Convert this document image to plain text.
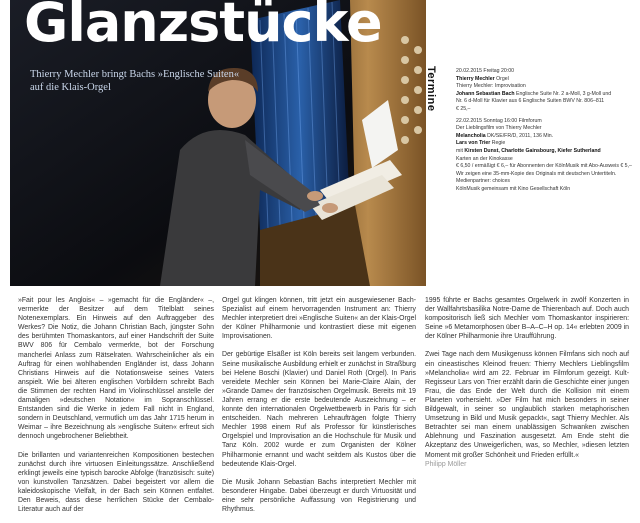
Glanzstücke
Thierry Mechler bringt Bachs »Englische Suiten« auf die Klais-Orgel	Termine	20.02.2015 Freitag 20:00
Thierry Mechler Orgel
Thierry Mechler: Improvisation
Johann Sebastian Bach Englische Suite Nr. 2 a-Moll, 3 g-Moll und
Nr. 6 d-Moll für Klavier aus 6 Englische Suiten BWV Nr. 806–811
€ 25,–
22.02.2015 Sonntag 16:00 Filmforum
Der Lieblingsfilm von Thierry Mechler
Melancholia DK/SE/FR/D, 2011, 136 Min.
Lars von Trier Regie
mit Kirsten Dunst, Charlotte Gainsbourg, Kiefer Sutherland
Karten an der Kinokasse
€ 6,50 / ermäßigt € 6,– für Abonnenten der KölnMusik mit Abo-Ausweis € 5,–
Wir zeigen eine 35-mm-Kopie des Originals mit deutschen Untertiteln.
Medienpartner: choices
KölnMusik gemeinsam mit Kino Gesellschaft Köln

»Fait pour les Anglois« – »gemacht für die Engländer« –, vermerkte der Besitzer auf dem Titelblatt seines Notenexemplars. Ein Hinweis auf den Auftraggeber des Werkes? Die Notiz, die Johann Christian Bach, jüngster Sohn des berühmten Thomaskantors, auf einer Handschrift der Suite BWV 806 für Cembalo vermerkte, bot der Forschung mancherlei Anlass zum Rätselraten. Wahrscheinlicher als ein Auftrag für einen wohlhabenden Engländer ist, dass Johann Christians Hinweis auf die Notationsweise seines Vaters anspielt. Wie bei älteren englischen Vorbildern schreibt Bach die Stimmen der rechten Hand im Violinschlüssel anstelle der damaligen »deutschen Notation« im Sopranschlüssel. Entstanden sind die Werke in jedem Fall nicht in England, sondern in Deutschland, vermutlich um das Jahr 1715 herum in Weimar – ihre Bezeichnung als »englische Suiten« erfreut sich dennoch ungebrochener Beliebtheit.

Die brillanten und variantenreichen Kompositionen bestechen zunächst durch ihre virtuosen Einleitungssätze. Anschließend erklingt jeweils eine typisch barocke Abfolge (französisch: suite) von kunstvollen Tanzsätzen. Dabei begeistert vor allem die kaleidoskopische Vielfalt, in der Bach sein Können entfaltet. Den Beweis, dass diese herrlichen Stücke der Cembalo-Literatur auch auf der

Orgel gut klingen können, tritt jetzt ein ausgewiesener Bach-Spezialist auf einem hervorragenden Instrument an: Thierry Mechler interpretiert drei »Englische Suiten« an der Klais-Orgel der Kölner Philharmonie und kontrastiert diese mit eigenen Improvisationen.

Der gebürtige Elsäßer ist Köln bereits seit langem verbunden. Seine musikalische Ausbildung erhielt er zunächst in Straßburg bei Helene Boschi (Klavier) und Daniel Roth (Orgel). In Paris vereidete Mechler sein Können bei Marie-Claire Alain, der »Grande Dame« der französischen Orgelmusik. Bereits mit 19 Jahren errang er die erste bedeutende Auszeichnung – er konnte den internationalen Orgelwettbewerb in Paris für sich entscheiden. Nach mehreren Lehraufträgen folgte Thierry Mechler 1998 einem Ruf als Professor für künstlerisches Orgelspiel und Improvisation an die Hochschule für Musik und Tanz Köln. 2002 wurde er zum Organisten der Kölner Philharmonie ernannt und wacht seitdem als Kustos über die bedeutende Klais-Orgel.

Die Musik Johann Sebastian Bachs interpretiert Mechler mit besonderer Hingabe. Dabei überzeugt er durch Virtuosität und eine sehr persönliche Auffassung von Registrierung und Rhythmus.

1995 führte er Bachs gesamtes Orgelwerk in zwölf Konzerten in der Wallfahrtsbasilika Notre-Dame de Thierenbach auf. Doch auch kompositorisch ließ sich Mechler vom Thomaskantor inspirieren: Seine »6 Metamorphosen über B–A–C–H op. 14« erlebten 2009 in der Kölner Philharmonie ihre Uraufführung.

Zwei Tage nach dem Musikgenuss können Filmfans sich noch auf ein cineastisches Kleinod freuen: Thierry Mechlers Lieblingsfilm »Melancholia« wird am 22. Februar im Filmforum gezeigt. Kult-Regisseur Lars von Trier erzählt darin die Geschichte einer jungen Frau, die das Ende der Welt durch die Kollision mit einem Planeten vorhersieht. »Der Film hat mich besonders in seiner Bildgewalt, in seiner so unglaublich starken metaphorischen Umsetzung in Bild und Musik gepackt«, sagt Thierry Mechler. Als Betrachter sei man einem unablässigen Schwanken zwischen Ablehnung und Faszination ausgesetzt. Am Ende steht die Akzeptanz des Unweigerlichen, was, so Mechler, »diesen letzten Moment mit großer Schönheit und Frieden erfüllt.«
Philipp Möller
